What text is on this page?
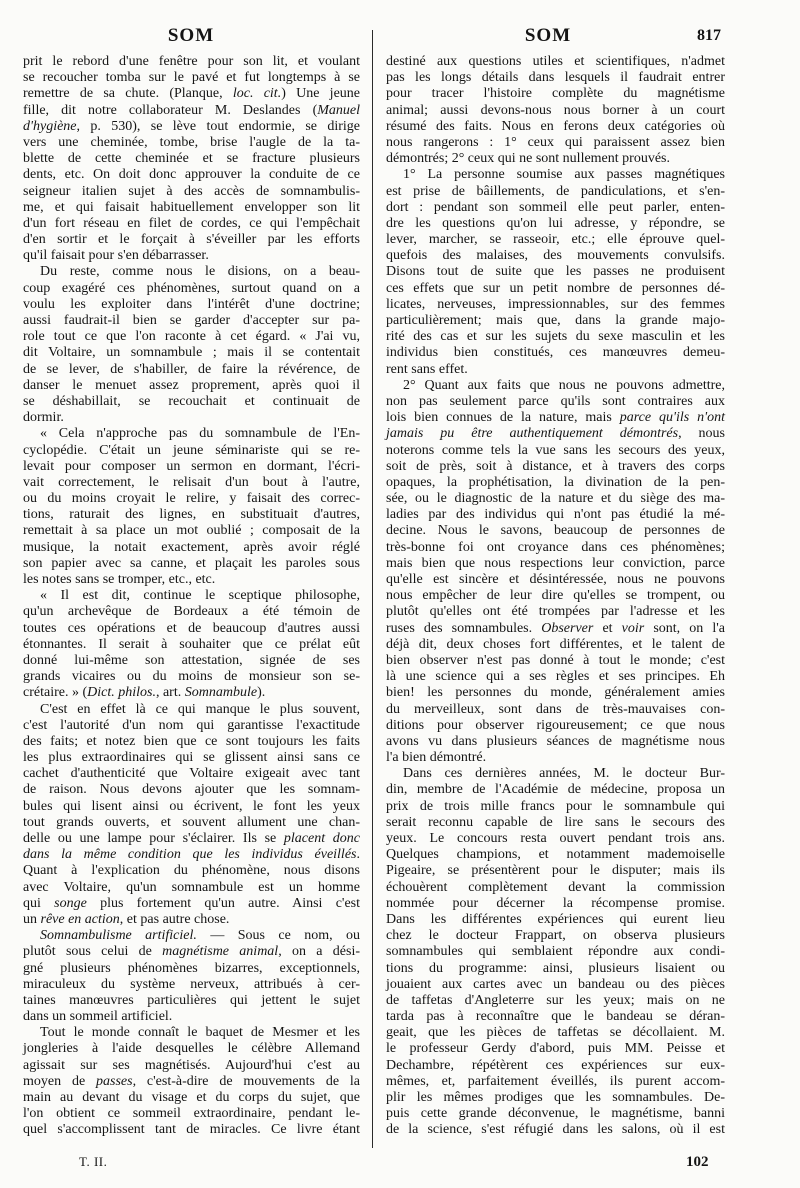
SOM	SOM	817
prit le rebord d'une fenêtre pour son lit, et voulant
se recoucher tomba sur le pavé et fut longtemps à se
remettre de sa chute. (Planque, loc. cit.) Une jeune
fille, dit notre collaborateur M. Deslandes (Manuel
d'hygiène, p. 530), se lève tout endormie, se dirige
vers une cheminée, tombe, brise l'augle de la ta-
blette de cette cheminée et se fracture plusieurs
dents, etc. On doit donc approuver la conduite de ce
seigneur italien sujet à des accès de somnambulis-
me, et qui faisait habituellement envelopper son lit
d'un fort réseau en filet de cordes, ce qui l'empêchait
d'en sortir et le forçait à s'éveiller par les efforts
qu'il faisait pour s'en débarrasser.
Du reste, comme nous le disions, on a beau-
coup exagéré ces phénomènes, surtout quand on a
voulu les exploiter dans l'intérêt d'une doctrine;
aussi faudrait-il bien se garder d'accepter sur pa-
role tout ce que l'on raconte à cet égard. « J'ai vu,
dit Voltaire, un somnambule ; mais il se contentait
de se lever, de s'habiller, de faire la révérence, de
danser le menuet assez proprement, après quoi il
se déshabillait, se recouchait et continuait de
dormir.
« Cela n'approche pas du somnambule de l'En-
cyclopédie. C'était un jeune séminariste qui se re-
levait pour composer un sermon en dormant, l'écri-
vait correctement, le relisait d'un bout à l'autre,
ou du moins croyait le relire, y faisait des correc-
tions, raturait des lignes, en substituait d'autres,
remettait à sa place un mot oublié ; composait de la
musique, la notait exactement, après avoir réglé
son papier avec sa canne, et plaçait les paroles sous
les notes sans se tromper, etc., etc.
« Il est dit, continue le sceptique philosophe,
qu'un archevêque de Bordeaux a été témoin de
toutes ces opérations et de beaucoup d'autres aussi
étonnantes. Il serait à souhaiter que ce prélat eût
donné lui-même son attestation, signée de ses
grands vicaires ou du moins de monsieur son se-
crétaire. » (Dict. philos., art. Somnambule).
C'est en effet là ce qui manque le plus souvent,
c'est l'autorité d'un nom qui garantisse l'exactitude
des faits; et notez bien que ce sont toujours les faits
les plus extraordinaires qui se glissent ainsi sans ce
cachet d'authenticité que Voltaire exigeait avec tant
de raison. Nous devons ajouter que les somnam-
bules qui lisent ainsi ou écrivent, le font les yeux
tout grands ouverts, et souvent allument une chan-
delle ou une lampe pour s'éclairer. Ils se placent donc
dans la même condition que les individus éveillés.
Quant à l'explication du phénomène, nous disons
avec Voltaire, qu'un somnambule est un homme
qui songe plus fortement qu'un autre. Ainsi c'est
un rêve en action, et pas autre chose.
Somnambulisme artificiel. — Sous ce nom, ou
plutôt sous celui de magnétisme animal, on a dési-
gné plusieurs phénomènes bizarres, exceptionnels,
miraculeux du système nerveux, attribués à cer-
taines manœuvres particulières qui jettent le sujet
dans un sommeil artificiel.
Tout le monde connaît le baquet de Mesmer et les
jongleries à l'aide desquelles le célèbre Allemand
agissait sur ses magnétisés. Aujourd'hui c'est au
moyen de passes, c'est-à-dire de mouvements de la
main au devant du visage et du corps du sujet, que
l'on obtient ce sommeil extraordinaire, pendant le-
quel s'accomplissent tant de miracles. Ce livre étant
destiné aux questions utiles et scientifiques, n'admet
pas les longs détails dans lesquels il faudrait entrer
pour tracer l'histoire complète du magnétisme
animal; aussi devons-nous nous borner à un court
résumé des faits. Nous en ferons deux catégories où
nous rangerons : 1° ceux qui paraissent assez bien
démontrés; 2° ceux qui ne sont nullement prouvés.
1° La personne soumise aux passes magnétiques
est prise de bâillements, de pandiculations, et s'en-
dort : pendant son sommeil elle peut parler, enten-
dre les questions qu'on lui adresse, y répondre, se
lever, marcher, se rasseoir, etc.; elle éprouve quel-
quefois des malaises, des mouvements convulsifs.
Disons tout de suite que les passes ne produisent
ces effets que sur un petit nombre de personnes dé-
licates, nerveuses, impressionnables, sur des femmes
particulièrement; mais que, dans la grande majo-
rité des cas et sur les sujets du sexe masculin et les
individus bien constitués, ces manœuvres demeu-
rent sans effet.
2° Quant aux faits que nous ne pouvons admettre,
non pas seulement parce qu'ils sont contraires aux
lois bien connues de la nature, mais parce qu'ils n'ont
jamais pu être authentiquement démontrés, nous
noterons comme tels la vue sans les secours des yeux,
soit de près, soit à distance, et à travers des corps
opaques, la prophétisation, la divination de la pen-
sée, ou le diagnostic de la nature et du siège des ma-
ladies par des individus qui n'ont pas étudié la mé-
decine. Nous le savons, beaucoup de personnes de
très-bonne foi ont croyance dans ces phénomènes;
mais bien que nous respections leur conviction, parce
qu'elle est sincère et désintéressée, nous ne pouvons
nous empêcher de leur dire qu'elles se trompent, ou
plutôt qu'elles ont été trompées par l'adresse et les
ruses des somnambules. Observer et voir sont, on l'a
déjà dit, deux choses fort différentes, et le talent de
bien observer n'est pas donné à tout le monde; c'est
là une science qui a ses règles et ses principes. Eh
bien! les personnes du monde, généralement amies
du merveilleux, sont dans de très-mauvaises con-
ditions pour observer rigoureusement; ce que nous
avons vu dans plusieurs séances de magnétisme nous
l'a bien démontré.
Dans ces dernières années, M. le docteur Bur-
din, membre de l'Académie de médecine, proposa un
prix de trois mille francs pour le somnambule qui
serait reconnu capable de lire sans le secours des
yeux. Le concours resta ouvert pendant trois ans.
Quelques champions, et notamment mademoiselle
Pigeaire, se présentèrent pour le disputer; mais ils
échouèrent complètement devant la commission
nommée pour décerner la récompense promise.
Dans les différentes expériences qui eurent lieu
chez le docteur Frappart, on observa plusieurs
somnambules qui semblaient répondre aux condi-
tions du programme: ainsi, plusieurs lisaient ou
jouaient aux cartes avec un bandeau ou des pièces
de taffetas d'Angleterre sur les yeux; mais on ne
tarda pas à reconnaître que le bandeau se déran-
geait, que les pièces de taffetas se décollaient. M.
le professeur Gerdy d'abord, puis MM. Peisse et
Dechambre, répétèrent ces expériences sur eux-
mêmes, et, parfaitement éveillés, ils purent accom-
plir les mêmes prodiges que les somnambules. De-
puis cette grande déconvenue, le magnétisme, banni
de la science, s'est réfugié dans les salons, où il est
T. II.	102
